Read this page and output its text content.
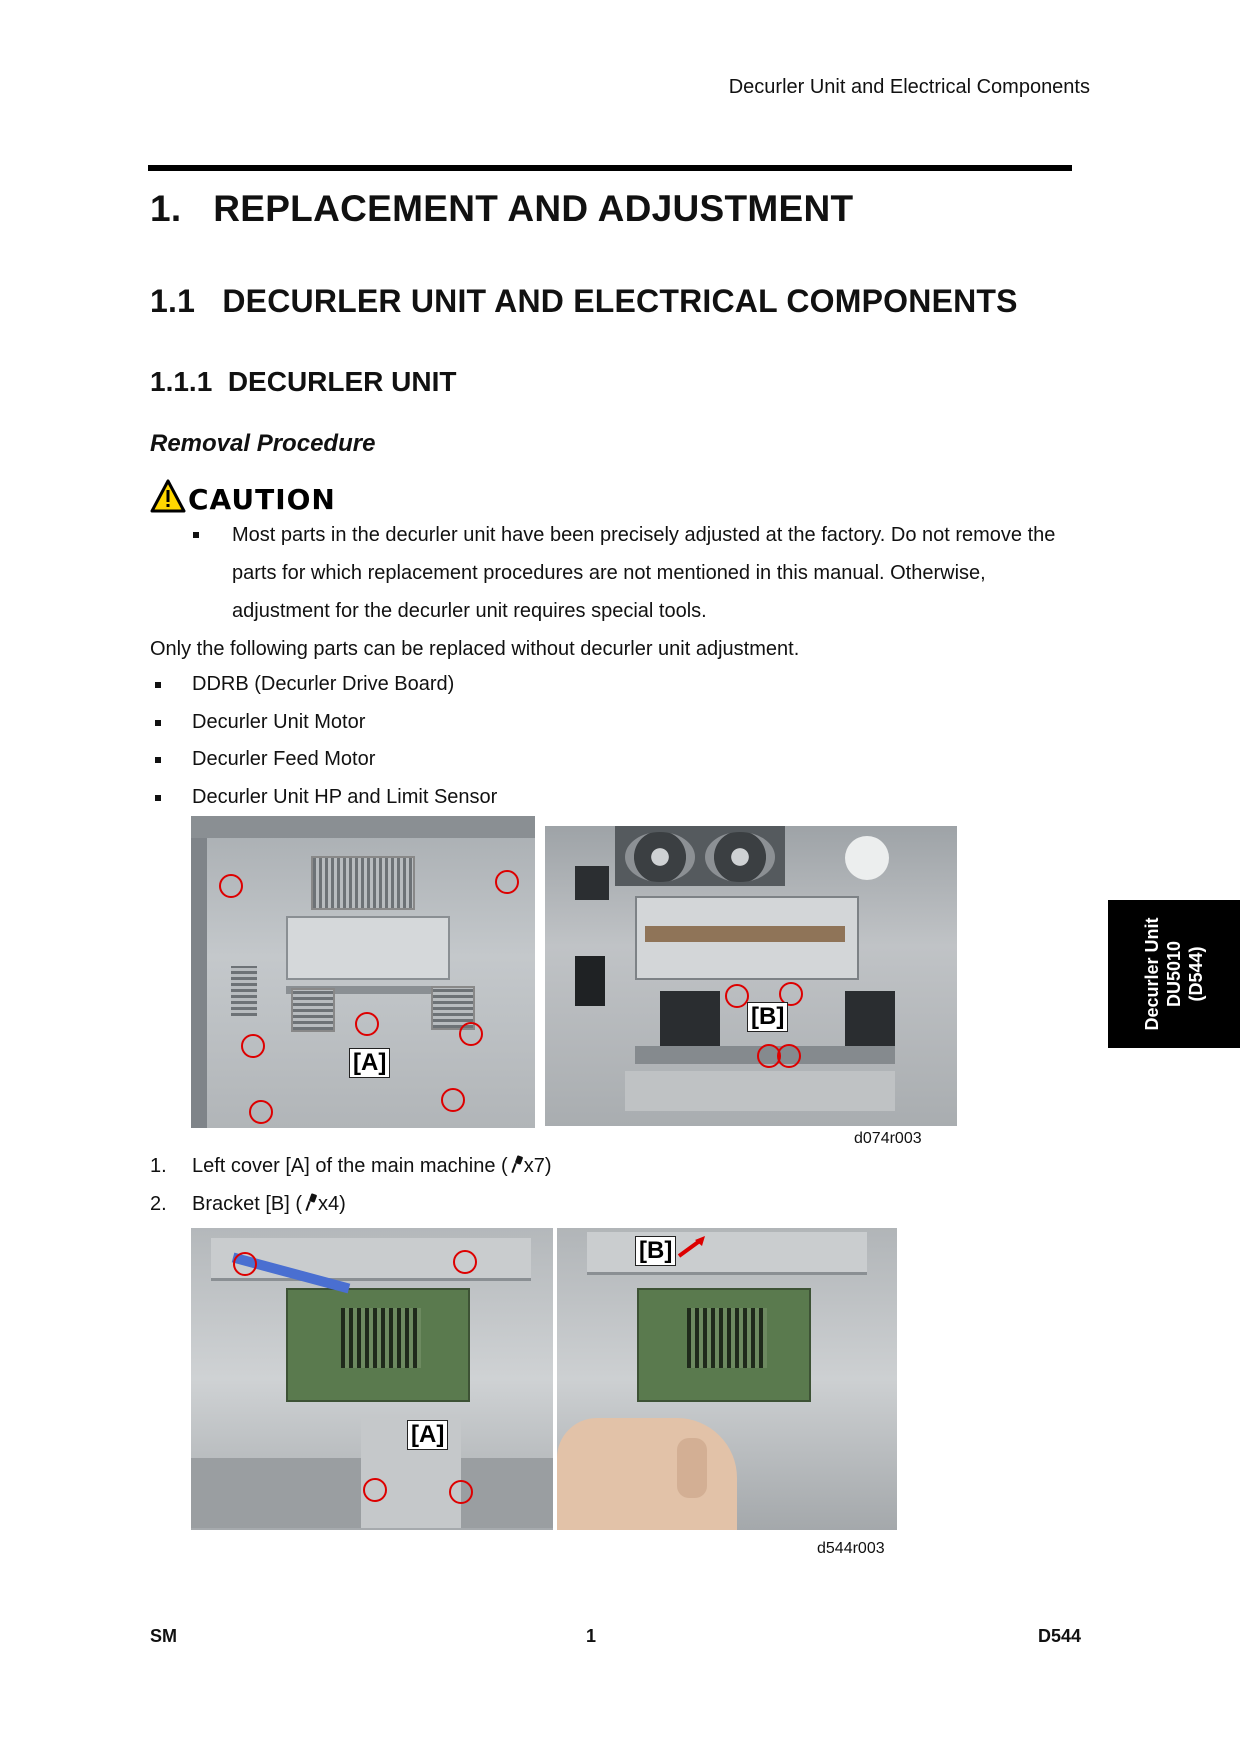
Decurler Unit and Electrical Components
1.   REPLACEMENT AND ADJUSTMENT
1.1   DECURLER UNIT AND ELECTRICAL COMPONENTS
1.1.1  DECURLER UNIT
Removal Procedure
CAUTION
Most parts in the decurler unit have been precisely adjusted at the factory. Do not remove the parts for which replacement procedures are not mentioned in this manual. Otherwise, adjustment for the decurler unit requires special tools.
Only the following parts can be replaced without decurler unit adjustment.
DDRB (Decurler Drive Board)
Decurler Unit Motor
Decurler Feed Motor
Decurler Unit HP and Limit Sensor
[A]
[B]
d074r003
1. Left cover [A] of the main machine ( x7)
2. Bracket [B] ( x4)
[A]
[B]
d544r003
Decurler Unit DU5010 (D544)
SM	1	D544
